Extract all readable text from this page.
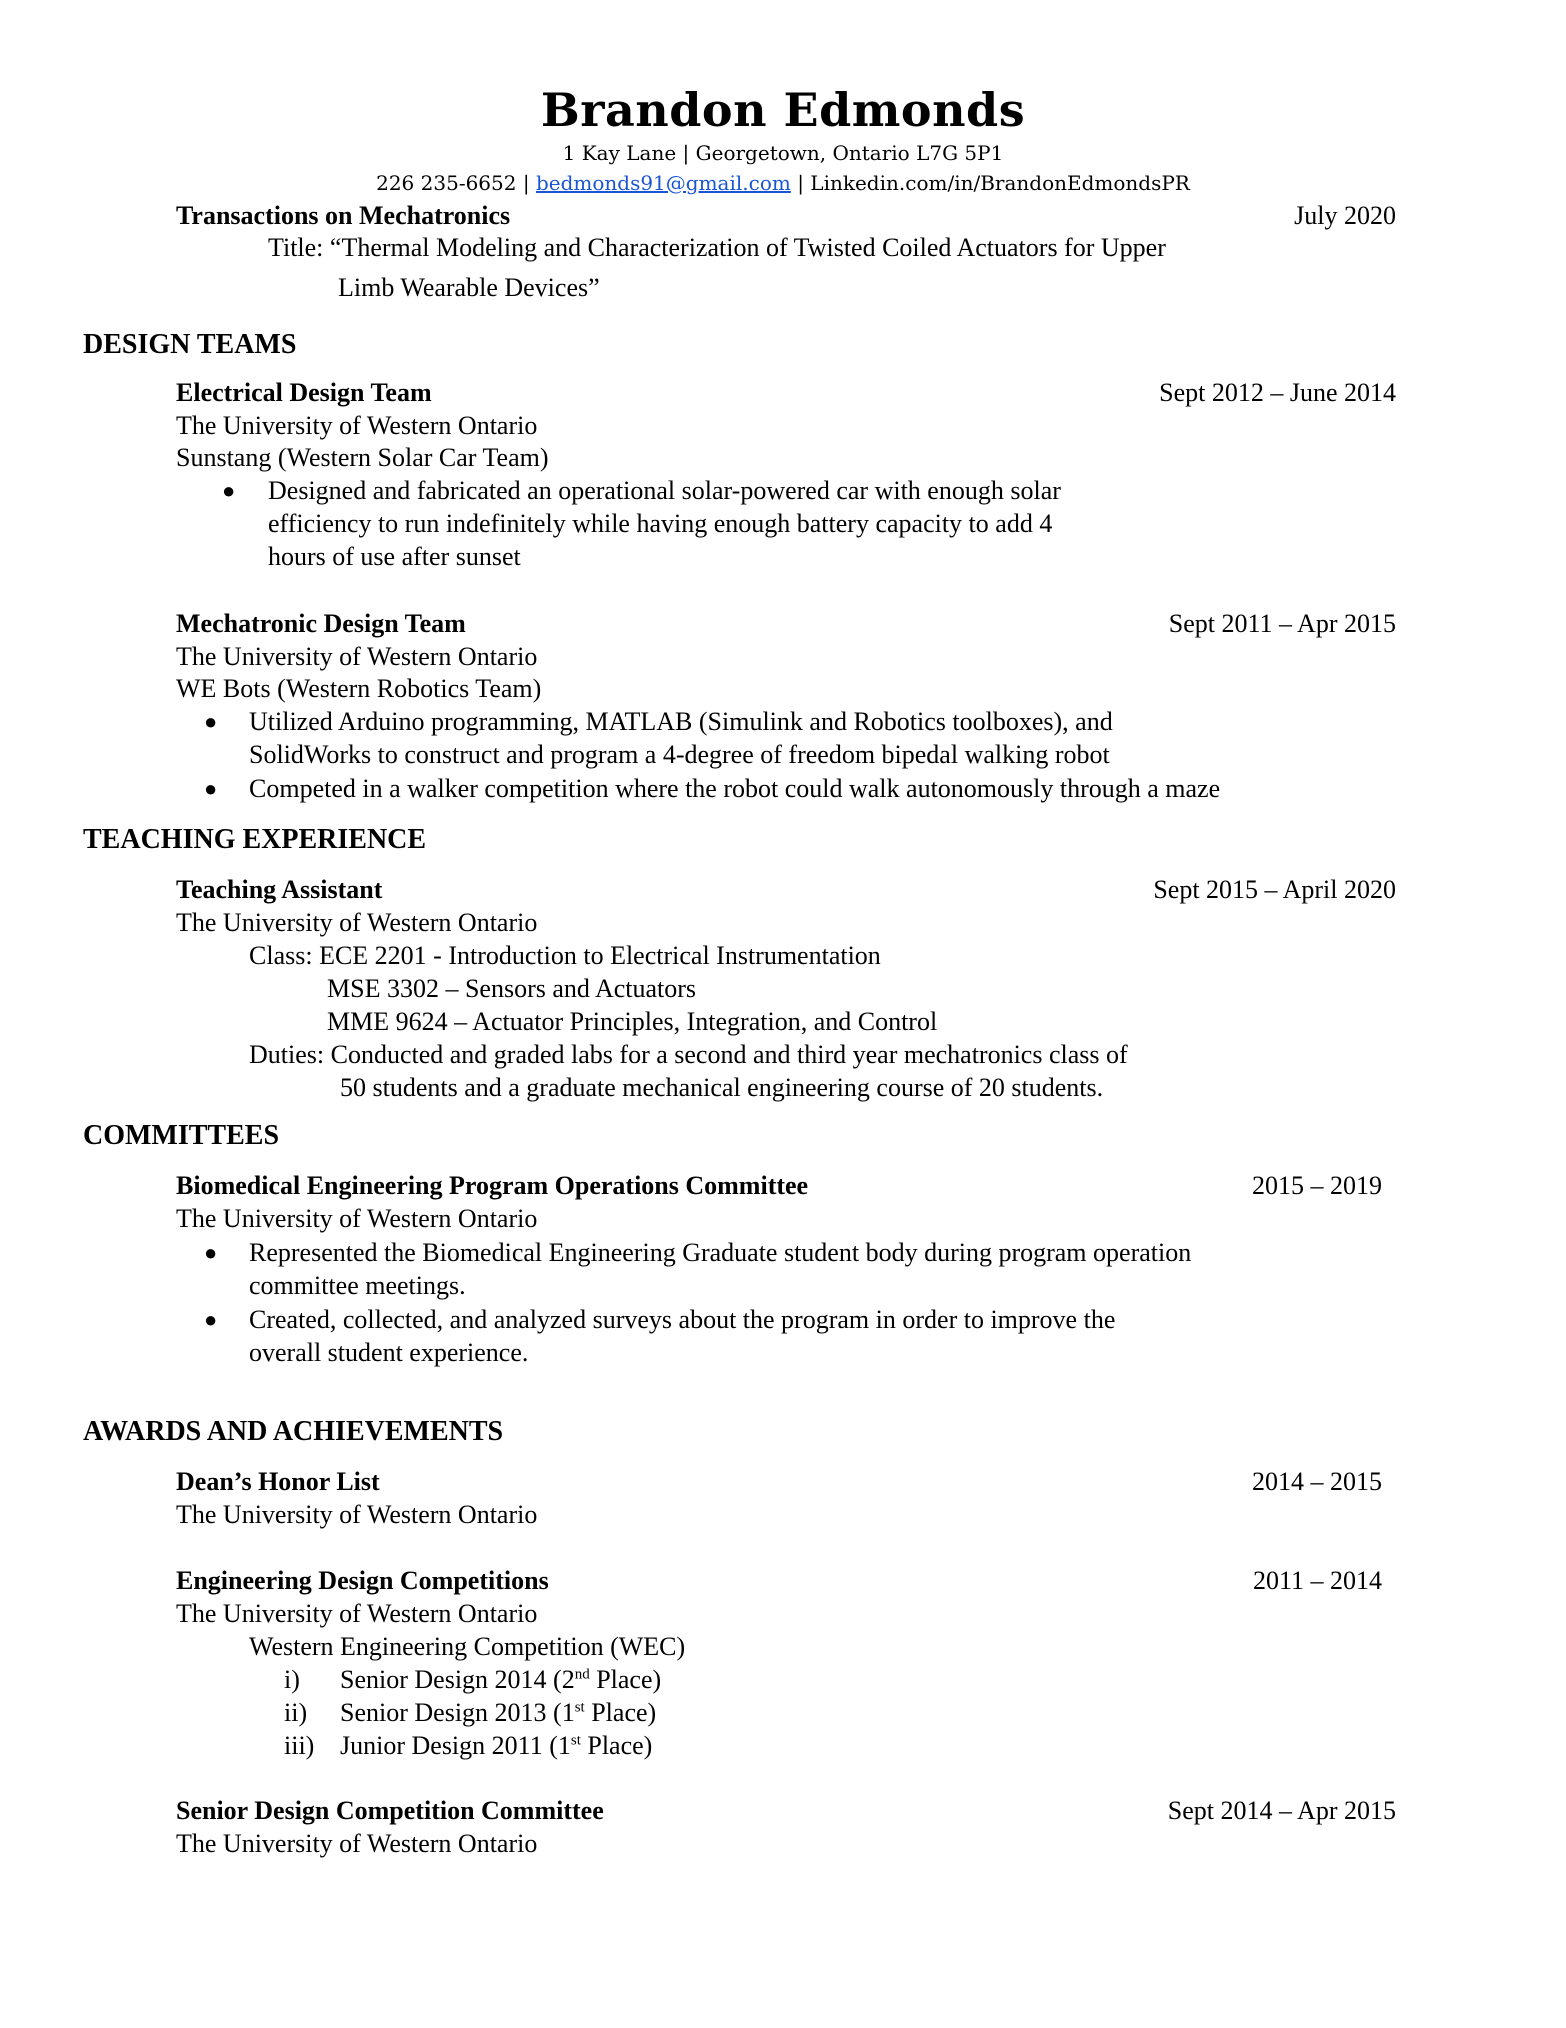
Brandon Edmonds
1 Kay Lane | Georgetown, Ontario L7G 5P1
226 235-6652 | bedmonds91@gmail.com | Linkedin.com/in/BrandonEdmondsPR
Transactions on Mechatronics	July 2020
Title: “Thermal Modeling and Characterization of Twisted Coiled Actuators for Upper
Limb Wearable Devices”
DESIGN TEAMS
Electrical Design Team	Sept 2012 – June 2014
The University of Western Ontario
Sunstang (Western Solar Car Team)
● Designed and fabricated an operational solar-powered car with enough solar
efficiency to run indefinitely while having enough battery capacity to add 4
hours of use after sunset
Mechatronic Design Team	Sept 2011 – Apr 2015
The University of Western Ontario
WE Bots (Western Robotics Team)
● Utilized Arduino programming, MATLAB (Simulink and Robotics toolboxes), and
SolidWorks to construct and program a 4-degree of freedom bipedal walking robot
● Competed in a walker competition where the robot could walk autonomously through a maze
TEACHING EXPERIENCE
Teaching Assistant	Sept 2015 – April 2020
The University of Western Ontario
Class: ECE 2201 - Introduction to Electrical Instrumentation
MSE 3302 – Sensors and Actuators
MME 9624 – Actuator Principles, Integration, and Control
Duties: Conducted and graded labs for a second and third year mechatronics class of
50 students and a graduate mechanical engineering course of 20 students.
COMMITTEES
Biomedical Engineering Program Operations Committee	2015 – 2019
The University of Western Ontario
● Represented the Biomedical Engineering Graduate student body during program operation
committee meetings.
● Created, collected, and analyzed surveys about the program in order to improve the
overall student experience.
AWARDS AND ACHIEVEMENTS
Dean’s Honor List	2014 – 2015
The University of Western Ontario
Engineering Design Competitions	2011 – 2014
The University of Western Ontario
Western Engineering Competition (WEC)
i) Senior Design 2014 (2nd Place)
ii) Senior Design 2013 (1st Place)
iii) Junior Design 2011 (1st Place)
Senior Design Competition Committee	Sept 2014 – Apr 2015
The University of Western Ontario
